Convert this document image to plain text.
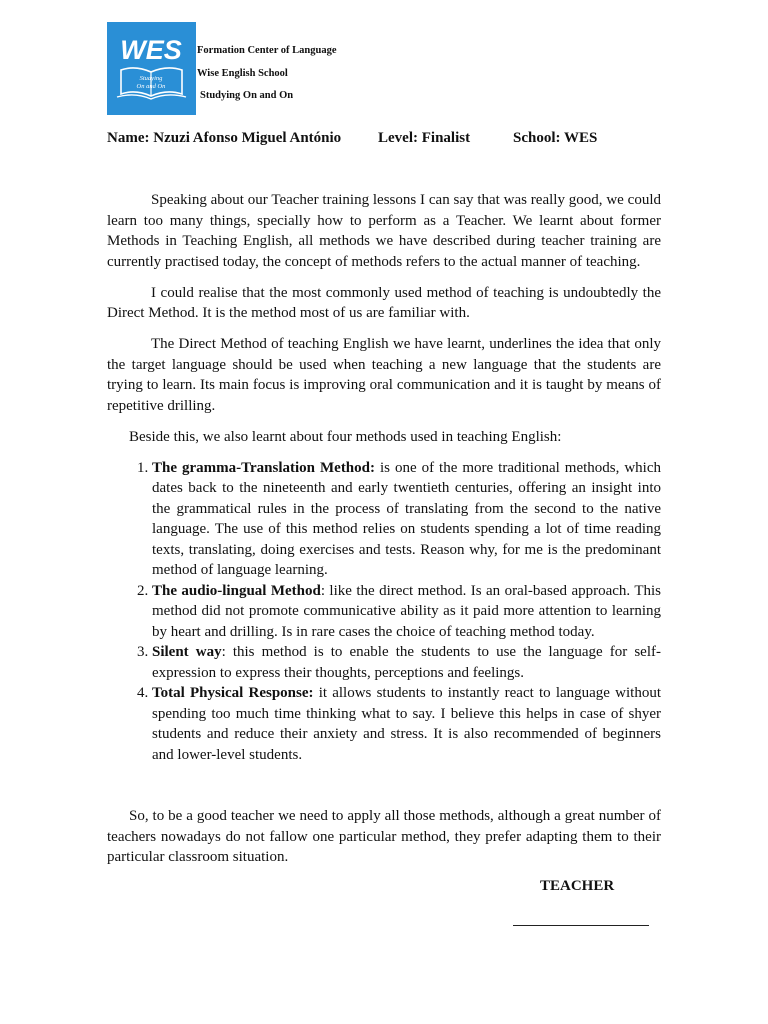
WES
Studying
On and On
Formation Center of Language
Wise English School
Studying On and On
Name: Nzuzi Afonso Miguel António Level: Finalist	School: WES

Speaking about our Teacher training lessons I can say that was really good, we could learn too many things, specially how to perform as a Teacher. We learnt about former Methods in Teaching English, all methods we have described during teacher training are currently practised today, the concept of methods refers to the actual manner of teaching.

I could realise that the most commonly used method of teaching is undoubtedly the Direct Method. It is the method most of us are familiar with.

The Direct Method of teaching English we have learnt, underlines the idea that only the target language should be used when teaching a new language that the students are trying to learn. Its main focus is improving oral communication and it is taught by means of repetitive drilling.

Beside this, we also learnt about four methods used in teaching English:

1. The gramma-Translation Method: is one of the more traditional methods, which dates back to the nineteenth and early twentieth centuries, offering an insight into the grammatical rules in the process of translating from the second to the native language. The use of this method relies on students spending a lot of time reading texts, translating, doing exercises and tests. Reason why, for me is the predominant method of language learning.
2. The audio-lingual Method: like the direct method. Is an oral-based approach. This method did not promote communicative ability as it paid more attention to learning by heart and drilling. Is in rare cases the choice of teaching method today.
3. Silent way: this method is to enable the students to use the language for self-expression to express their thoughts, perceptions and feelings.
4. Total Physical Response: it allows students to instantly react to language without spending too much time thinking what to say. I believe this helps in case of shyer students and reduce their anxiety and stress. It is also recommended of beginners and lower-level students.

So, to be a good teacher we need to apply all those methods, although a great number of teachers nowadays do not fallow one particular method, they prefer adapting them to their particular classroom situation.

TEACHER
